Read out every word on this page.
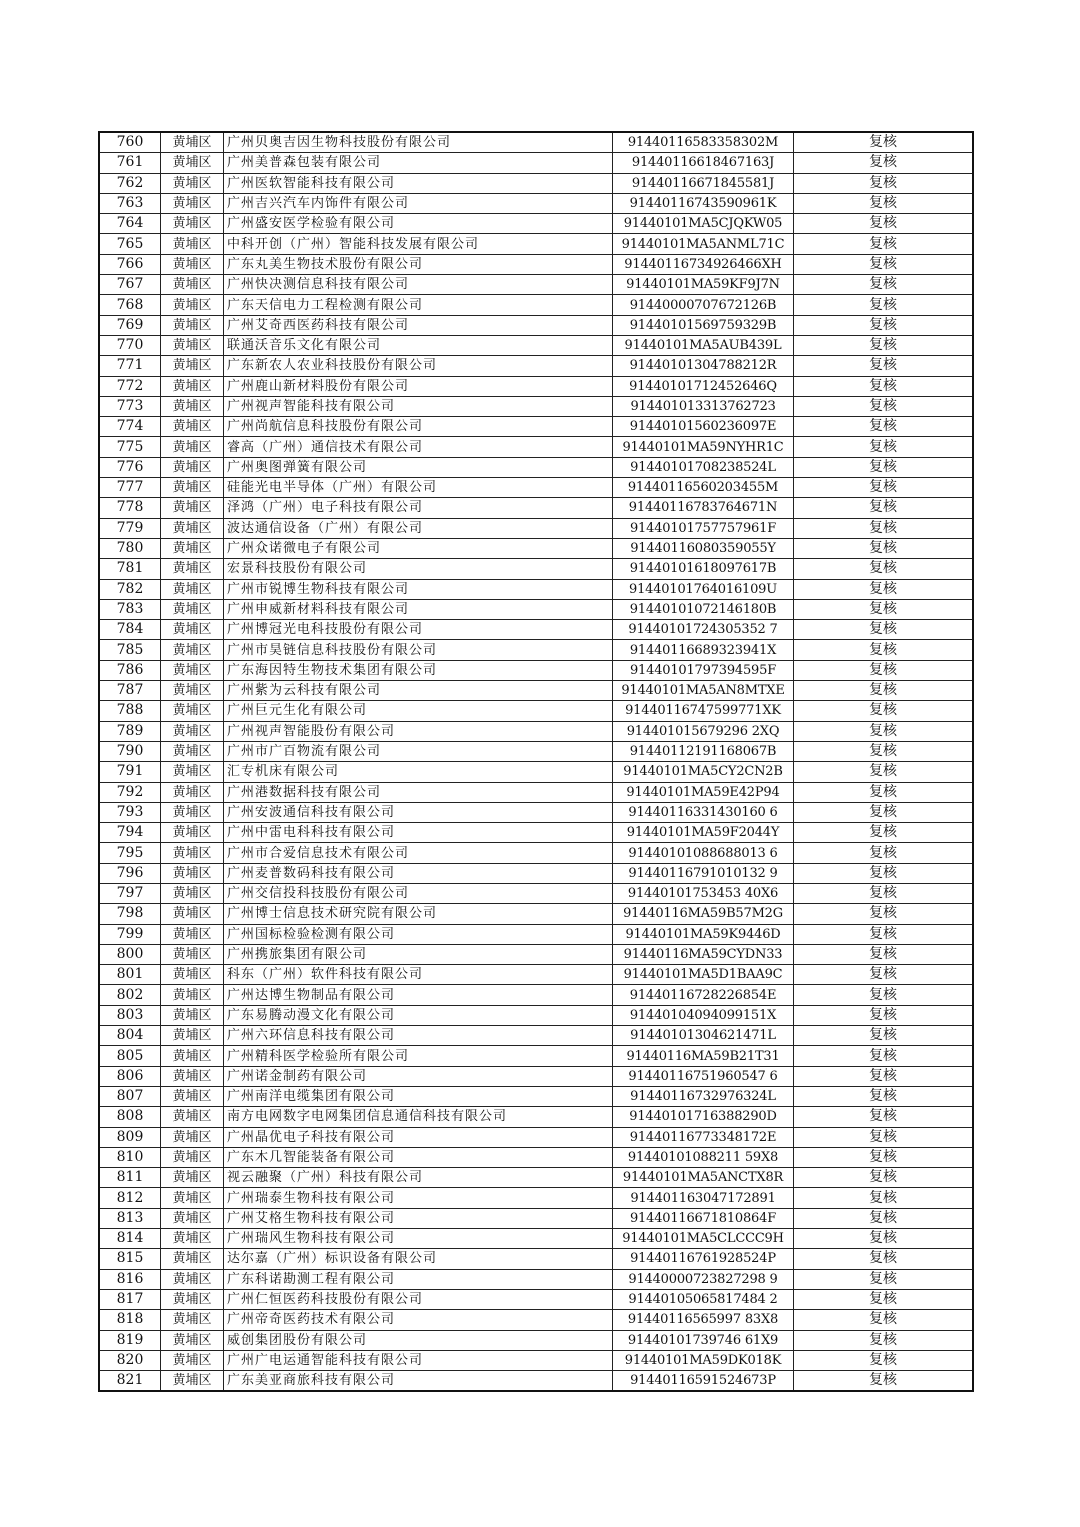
760	黄埔区	广州贝奥吉因生物科技股份有限公司	91440116583358302M	复核
761	黄埔区	广州美普森包装有限公司	91440116618467163J	复核
762	黄埔区	广州医软智能科技有限公司	91440116671845581J	复核
763	黄埔区	广州吉兴汽车内饰件有限公司	91440116743590961K	复核
764	黄埔区	广州盛安医学检验有限公司	91440101MA5CJQKW05	复核
765	黄埔区	中科开创（广州）智能科技发展有限公司	91440101MA5ANML71C	复核
766	黄埔区	广东丸美生物技术股份有限公司	91440116734926466XH	复核
767	黄埔区	广州快决测信息科技有限公司	91440101MA59KF9J7N	复核
768	黄埔区	广东天信电力工程检测有限公司	91440000707672126B	复核
769	黄埔区	广州艾奇西医药科技有限公司	91440101569759329B	复核
770	黄埔区	联通沃音乐文化有限公司	91440101MA5AUB439L	复核
771	黄埔区	广东新农人农业科技股份有限公司	91440101304788212R	复核
772	黄埔区	广州鹿山新材料股份有限公司	91440101712452646Q	复核
773	黄埔区	广州视声智能科技有限公司	91440101331376272З	复核
774	黄埔区	广州尚航信息科技股份有限公司	91440101560236097E	复核
775	黄埔区	睿高（广州）通信技术有限公司	91440101MA59NYHR1C	复核
776	黄埔区	广州奥图弹簧有限公司	91440101708238524L	复核
777	黄埔区	硅能光电半导体（广州）有限公司	91440116560203455M	复核
778	黄埔区	泽鸿（广州）电子科技有限公司	91440116783764671N	复核
779	黄埔区	波达通信设备（广州）有限公司	91440101757757961F	复核
780	黄埔区	广州众诺微电子有限公司	91440116080359055Y	复核
781	黄埔区	宏景科技股份有限公司	91440101618097617B	复核
782	黄埔区	广州市锐博生物科技有限公司	91440101764016109U	复核
783	黄埔区	广州申威新材料科技有限公司	91440101072146180B	复核
784	黄埔区	广州博冠光电科技股份有限公司	91440101724305352 7	复核
785	黄埔区	广州市昊链信息科技股份有限公司	91440116689323941X	复核
786	黄埔区	广东海因特生物技术集团有限公司	91440101797394595F	复核
787	黄埔区	广州紫为云科技有限公司	91440101MA5AN8MTXE	复核
788	黄埔区	广州巨元生化有限公司	91440116747599771XK	复核
789	黄埔区	广州视声智能股份有限公司	914401015679296 2XQ	复核
790	黄埔区	广州市广百物流有限公司	91440112191168067B	复核
791	黄埔区	汇专机床有限公司	91440101MA5CY2CN2B	复核
792	黄埔区	广州港数据科技有限公司	91440101MA59E42P94	复核
793	黄埔区	广州安波通信科技有限公司	91440116331430160 6	复核
794	黄埔区	广州中雷电科科技有限公司	91440101MA59F2044Y	复核
795	黄埔区	广州市合爱信息技术有限公司	91440101088688013 6	复核
796	黄埔区	广州麦普数码科技有限公司	91440116791010132 9	复核
797	黄埔区	广州交信投科技股份有限公司	91440101753453 40X6	复核
798	黄埔区	广州博士信息技术研究院有限公司	91440116MA59B57M2G	复核
799	黄埔区	广州国标检验检测有限公司	91440101MA59K9446D	复核
800	黄埔区	广州携旅集团有限公司	91440116MA59CYDN33	复核
801	黄埔区	科东（广州）软件科技有限公司	91440101MA5D1BAA9C	复核
802	黄埔区	广州达博生物制品有限公司	91440116728226854E	复核
803	黄埔区	广东易腾动漫文化有限公司	91440104094099151X	复核
804	黄埔区	广州六环信息科技有限公司	91440101304621471L	复核
805	黄埔区	广州精科医学检验所有限公司	91440116MA59B21T31	复核
806	黄埔区	广州诺金制药有限公司	91440116751960547 6	复核
807	黄埔区	广州南洋电缆集团有限公司	91440116732976324L	复核
808	黄埔区	南方电网数字电网集团信息通信科技有限公司	91440101716388290D	复核
809	黄埔区	广州晶优电子科技有限公司	91440116773348172E	复核
810	黄埔区	广东木几智能装备有限公司	91440101088211 59X8	复核
811	黄埔区	视云融聚（广州）科技有限公司	91440101MA5ANCTX8R	复核
812	黄埔区	广州瑞泰生物科技有限公司	914401163047172891	复核
813	黄埔区	广州艾格生物科技有限公司	91440116671810864F	复核
814	黄埔区	广州瑞风生物科技有限公司	91440101MA5CLCCC9H	复核
815	黄埔区	达尔嘉（广州）标识设备有限公司	91440116761928524P	复核
816	黄埔区	广东科诺勘测工程有限公司	91440000723827298 9	复核
817	黄埔区	广州仁恒医药科技股份有限公司	91440105065817484 2	复核
818	黄埔区	广州帝奇医药技术有限公司	91440116565997 83X8	复核
819	黄埔区	威创集团股份有限公司	91440101739746 61X9	复核
820	黄埔区	广州广电运通智能科技有限公司	91440101MA59DK018K	复核
821	黄埔区	广东美亚商旅科技有限公司	91440116591524673P	复核
